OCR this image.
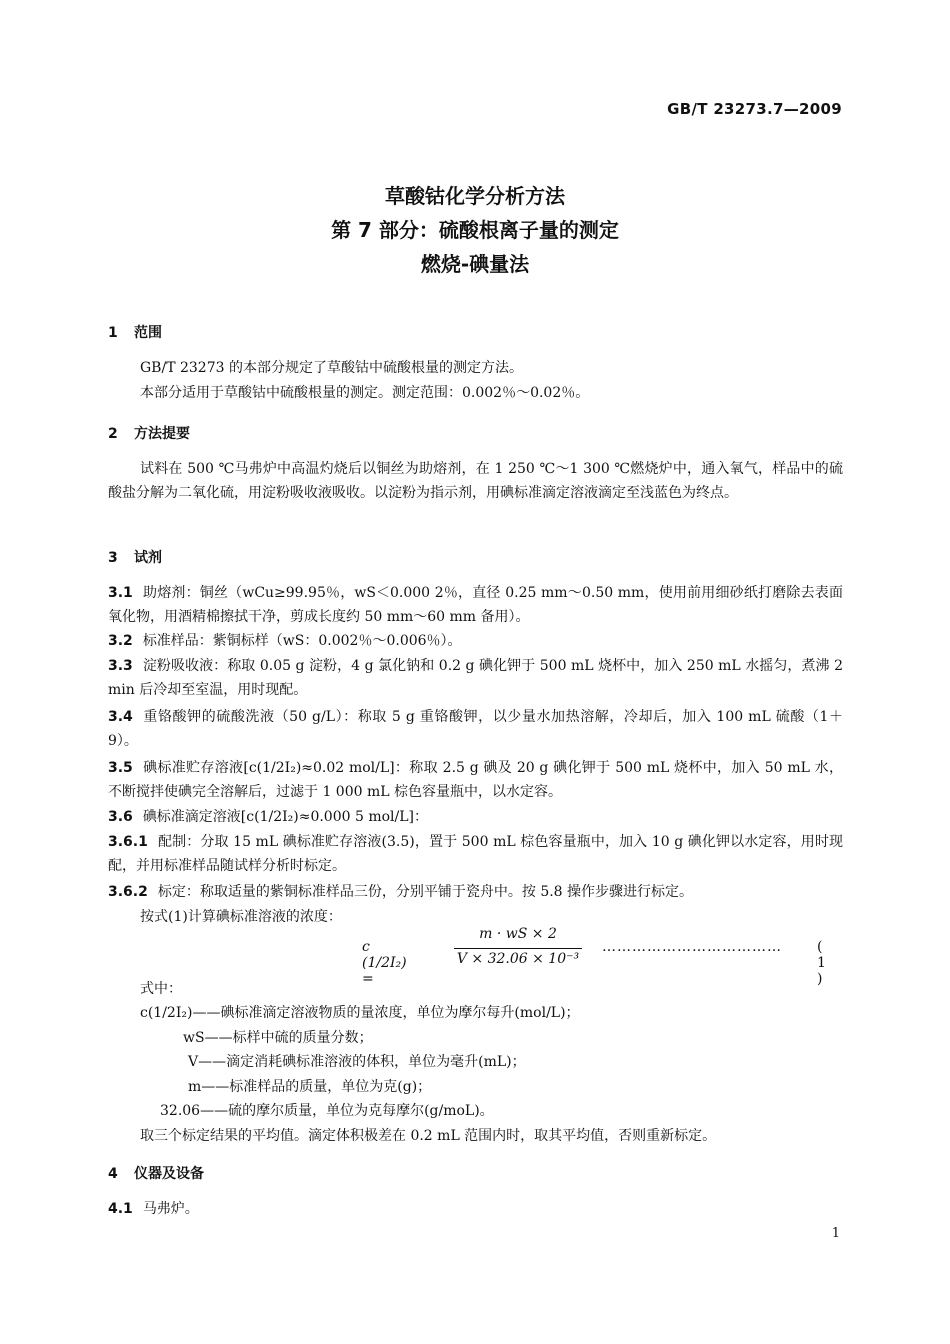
GB/T 23273.7—2009
草酸钴化学分析方法
第 7 部分：硫酸根离子量的测定
燃烧-碘量法
1 范围
GB/T 23273 的本部分规定了草酸钴中硫酸根量的测定方法。
本部分适用于草酸钴中硫酸根量的测定。测定范围：0.002％～0.02％。
2 方法提要
试料在 500 ℃马弗炉中高温灼烧后以铜丝为助熔剂，在 1 250 ℃～1 300 ℃燃烧炉中，通入氧气，样品中的硫酸盐分解为二氧化硫，用淀粉吸收液吸收。以淀粉为指示剂，用碘标准滴定溶液滴定至浅蓝色为终点。
3 试剂
3.1 助熔剂：铜丝（wCu≥99.95％，wS＜0.000 2％，直径 0.25 mm～0.50 mm，使用前用细砂纸打磨除去表面氧化物，用酒精棉擦拭干净，剪成长度约 50 mm～60 mm 备用）。
3.2 标准样品：紫铜标样（wS：0.002％～0.006％）。
3.3 淀粉吸收液：称取 0.05 g 淀粉，4 g 氯化钠和 0.2 g 碘化钾于 500 mL 烧杯中，加入 250 mL 水摇匀，煮沸 2 min 后冷却至室温，用时现配。
3.4 重铬酸钾的硫酸洗液（50 g/L）：称取 5 g 重铬酸钾，以少量水加热溶解，冷却后，加入 100 mL 硫酸（1＋9）。
3.5 碘标准贮存溶液[c(1/2I₂)≈0.02 mol/L]：称取 2.5 g 碘及 20 g 碘化钾于 500 mL 烧杯中，加入 50 mL 水，不断搅拌使碘完全溶解后，过滤于 1 000 mL 棕色容量瓶中，以水定容。
3.6 碘标准滴定溶液[c(1/2I₂)≈0.000 5 mol/L]：
3.6.1 配制：分取 15 mL 碘标准贮存溶液(3.5)，置于 500 mL 棕色容量瓶中，加入 10 g 碘化钾以水定容，用时现配，并用标准样品随试样分析时标定。
3.6.2 标定：称取适量的紫铜标准样品三份，分别平铺于瓷舟中。按 5.8 操作步骤进行标定。
按式(1)计算碘标准溶液的浓度：
c (1/2I₂) =
m · wS × 2
V × 32.06 × 10⁻³
………………………………	( 1 )
式中：
c(1/2I₂)——碘标准滴定溶液物质的量浓度，单位为摩尔每升(mol/L)；
wS——标样中硫的质量分数；
V——滴定消耗碘标准溶液的体积，单位为毫升(mL)；
m——标准样品的质量，单位为克(g)；
32.06——硫的摩尔质量，单位为克每摩尔(g/moL)。
取三个标定结果的平均值。滴定体积极差在 0.2 mL 范围内时，取其平均值，否则重新标定。
4 仪器及设备
4.1 马弗炉。
1
